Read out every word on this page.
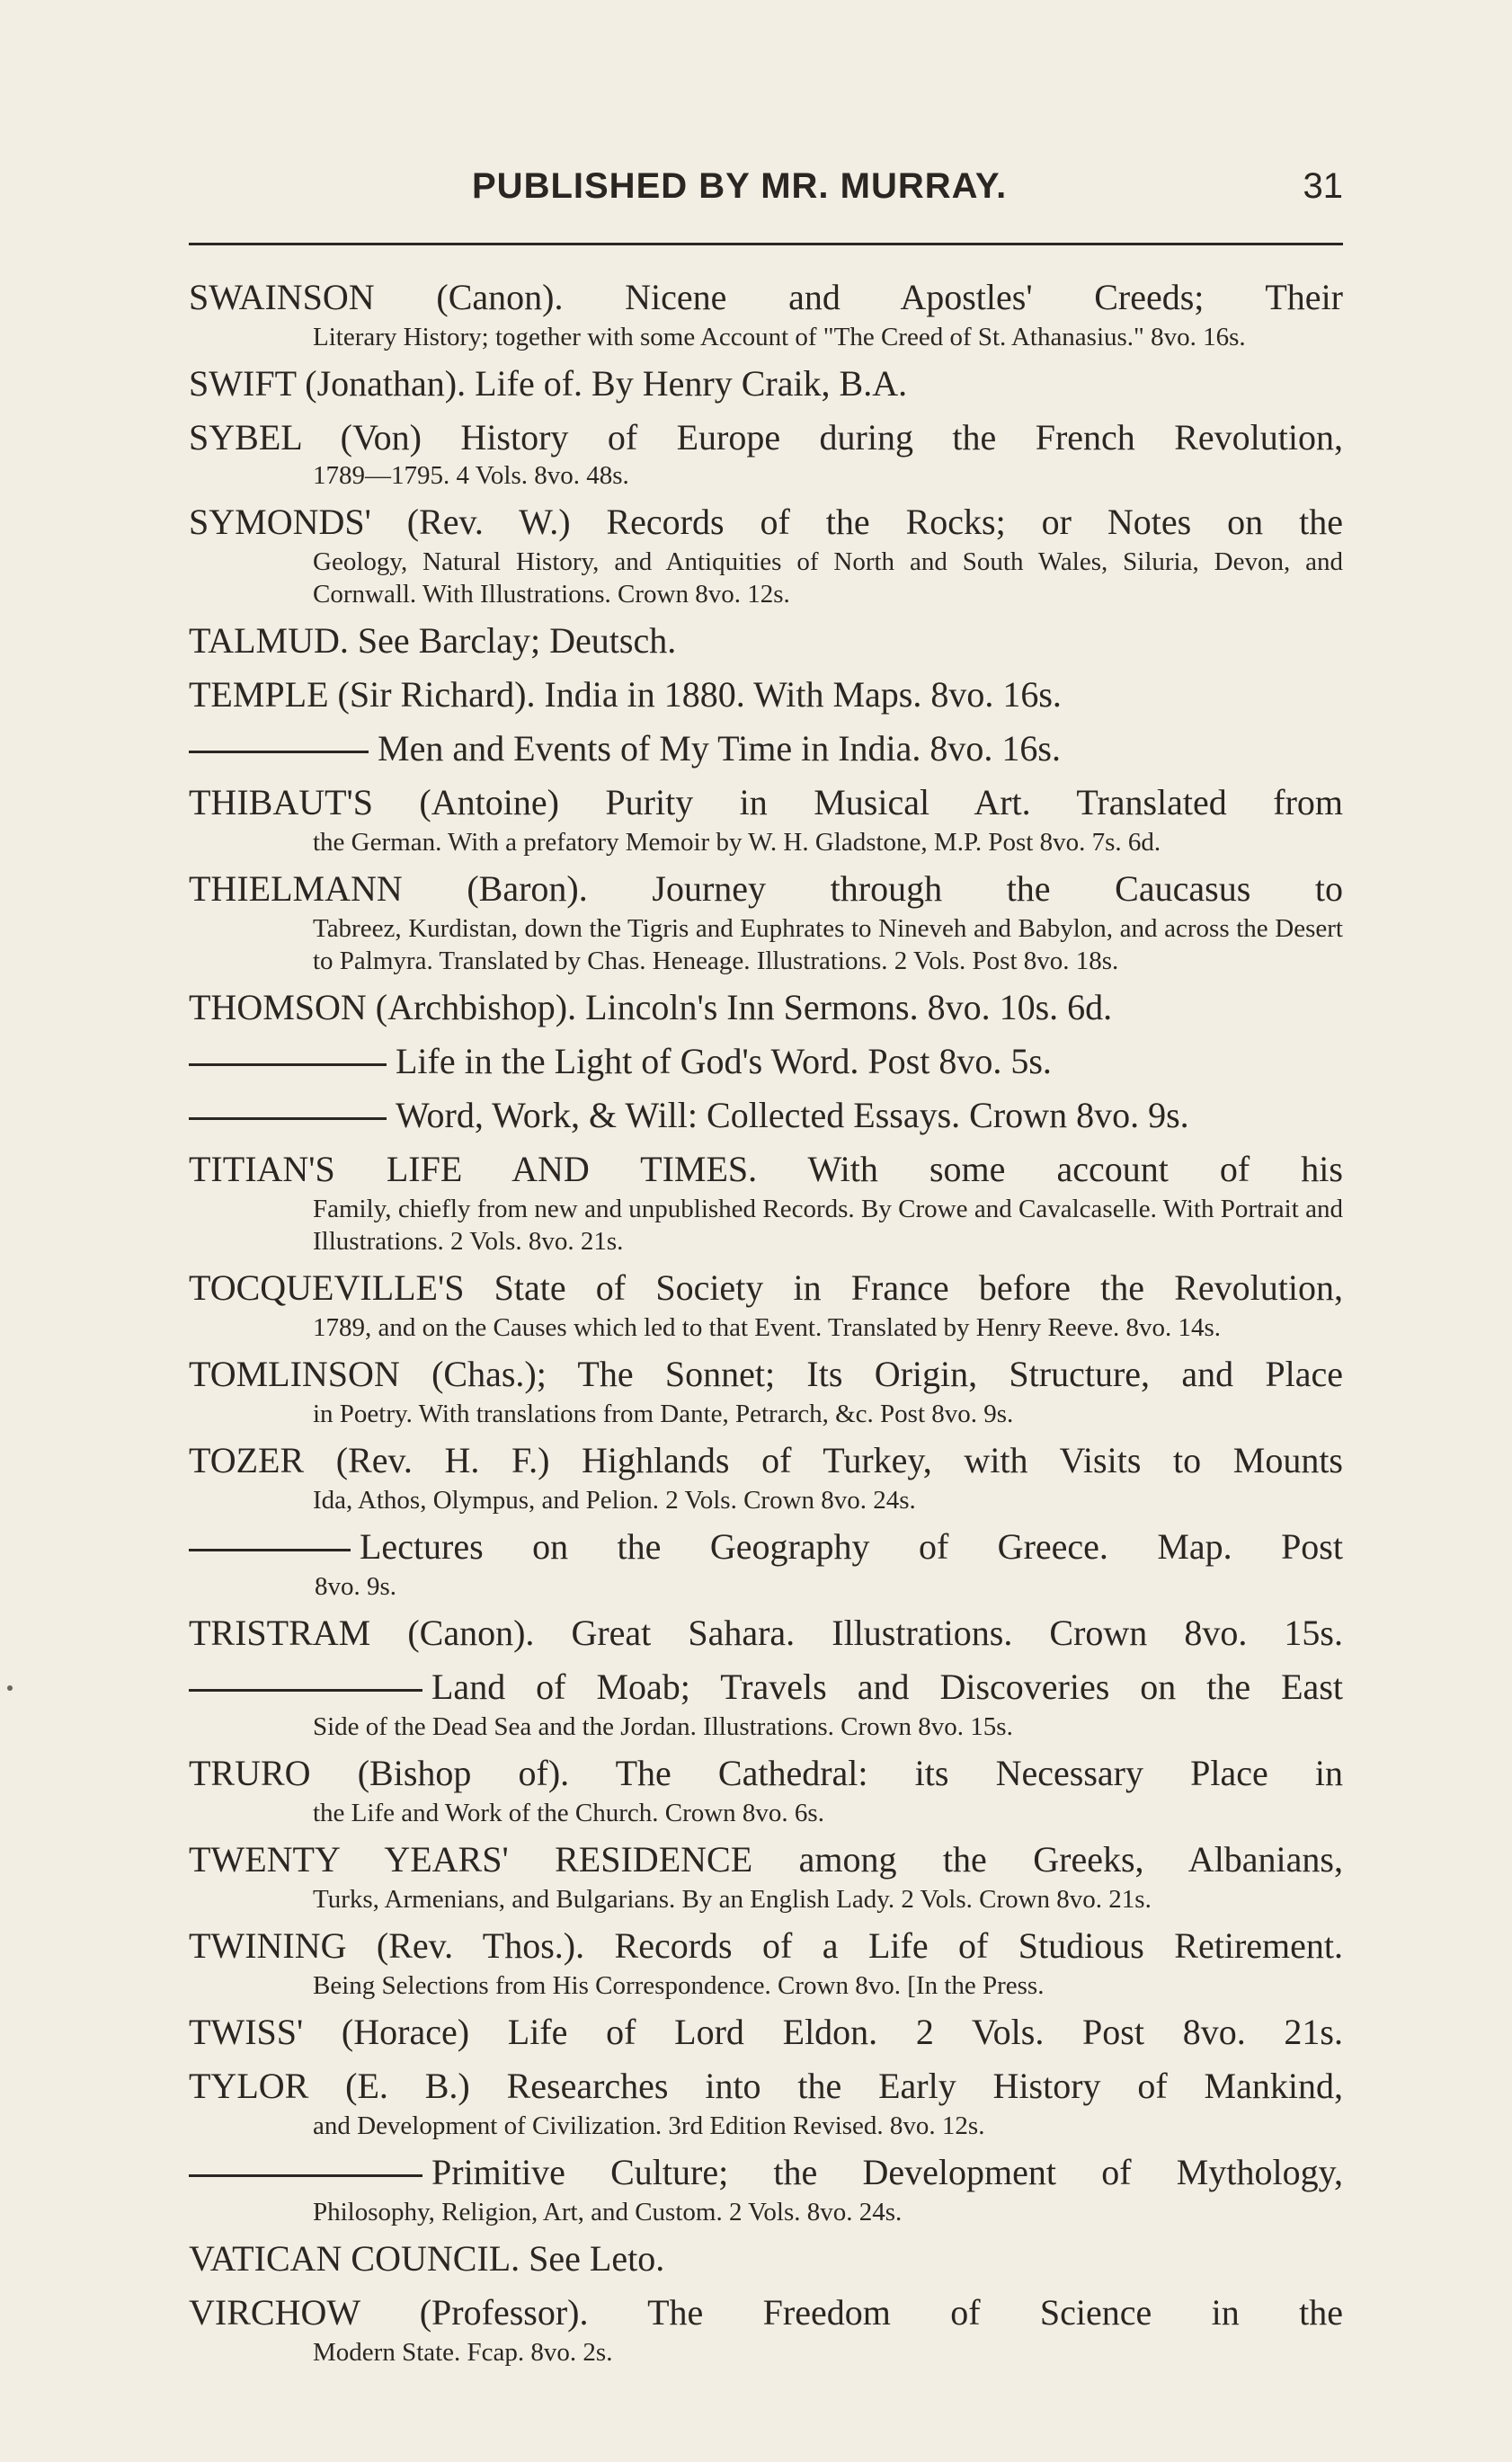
PUBLISHED BY MR. MURRAY.	31
SWAINSON (Canon). Nicene and Apostles' Creeds; Their
Literary History; together with some Account of "The Creed of St. Athanasius." 8vo. 16s.
SWIFT (Jonathan). Life of. By Henry Craik, B.A.
SYBEL (Von) History of Europe during the French Revolution,
1789—1795. 4 Vols. 8vo. 48s.
SYMONDS' (Rev. W.) Records of the Rocks; or Notes on the
Geology, Natural History, and Antiquities of North and South Wales, Siluria, Devon, and Cornwall. With Illustrations. Crown 8vo. 12s.
TALMUD. See Barclay; Deutsch.
TEMPLE (Sir Richard). India in 1880. With Maps. 8vo. 16s.
Men and Events of My Time in India. 8vo. 16s.
THIBAUT'S (Antoine) Purity in Musical Art. Translated from
the German. With a prefatory Memoir by W. H. Gladstone, M.P. Post 8vo. 7s. 6d.
THIELMANN (Baron). Journey through the Caucasus to
Tabreez, Kurdistan, down the Tigris and Euphrates to Nineveh and Babylon, and across the Desert to Palmyra. Translated by Chas. Heneage. Illustrations. 2 Vols. Post 8vo. 18s.
THOMSON (Archbishop). Lincoln's Inn Sermons. 8vo. 10s. 6d.
Life in the Light of God's Word. Post 8vo. 5s.
Word, Work, & Will: Collected Essays. Crown 8vo. 9s.
TITIAN'S LIFE AND TIMES. With some account of his
Family, chiefly from new and unpublished Records. By Crowe and Cavalcaselle. With Portrait and Illustrations. 2 Vols. 8vo. 21s.
TOCQUEVILLE'S State of Society in France before the Revolution,
1789, and on the Causes which led to that Event. Translated by Henry Reeve. 8vo. 14s.
TOMLINSON (Chas.); The Sonnet; Its Origin, Structure, and Place
in Poetry. With translations from Dante, Petrarch, &c. Post 8vo. 9s.
TOZER (Rev. H. F.) Highlands of Turkey, with Visits to Mounts
Ida, Athos, Olympus, and Pelion. 2 Vols. Crown 8vo. 24s.
Lectures on the Geography of Greece. Map. Post
8vo. 9s.
TRISTRAM (Canon). Great Sahara. Illustrations. Crown 8vo. 15s.
Land of Moab; Travels and Discoveries on the East
Side of the Dead Sea and the Jordan. Illustrations. Crown 8vo. 15s.
TRURO (Bishop of). The Cathedral: its Necessary Place in
the Life and Work of the Church. Crown 8vo. 6s.
TWENTY YEARS' RESIDENCE among the Greeks, Albanians,
Turks, Armenians, and Bulgarians. By an English Lady. 2 Vols. Crown 8vo. 21s.
TWINING (Rev. Thos.). Records of a Life of Studious Retirement.
Being Selections from His Correspondence. Crown 8vo. [In the Press.
TWISS' (Horace) Life of Lord Eldon. 2 Vols. Post 8vo. 21s.
TYLOR (E. B.) Researches into the Early History of Mankind,
and Development of Civilization. 3rd Edition Revised. 8vo. 12s.
Primitive Culture; the Development of Mythology,
Philosophy, Religion, Art, and Custom. 2 Vols. 8vo. 24s.
VATICAN COUNCIL. See Leto.
VIRCHOW (Professor). The Freedom of Science in the
Modern State. Fcap. 8vo. 2s.
